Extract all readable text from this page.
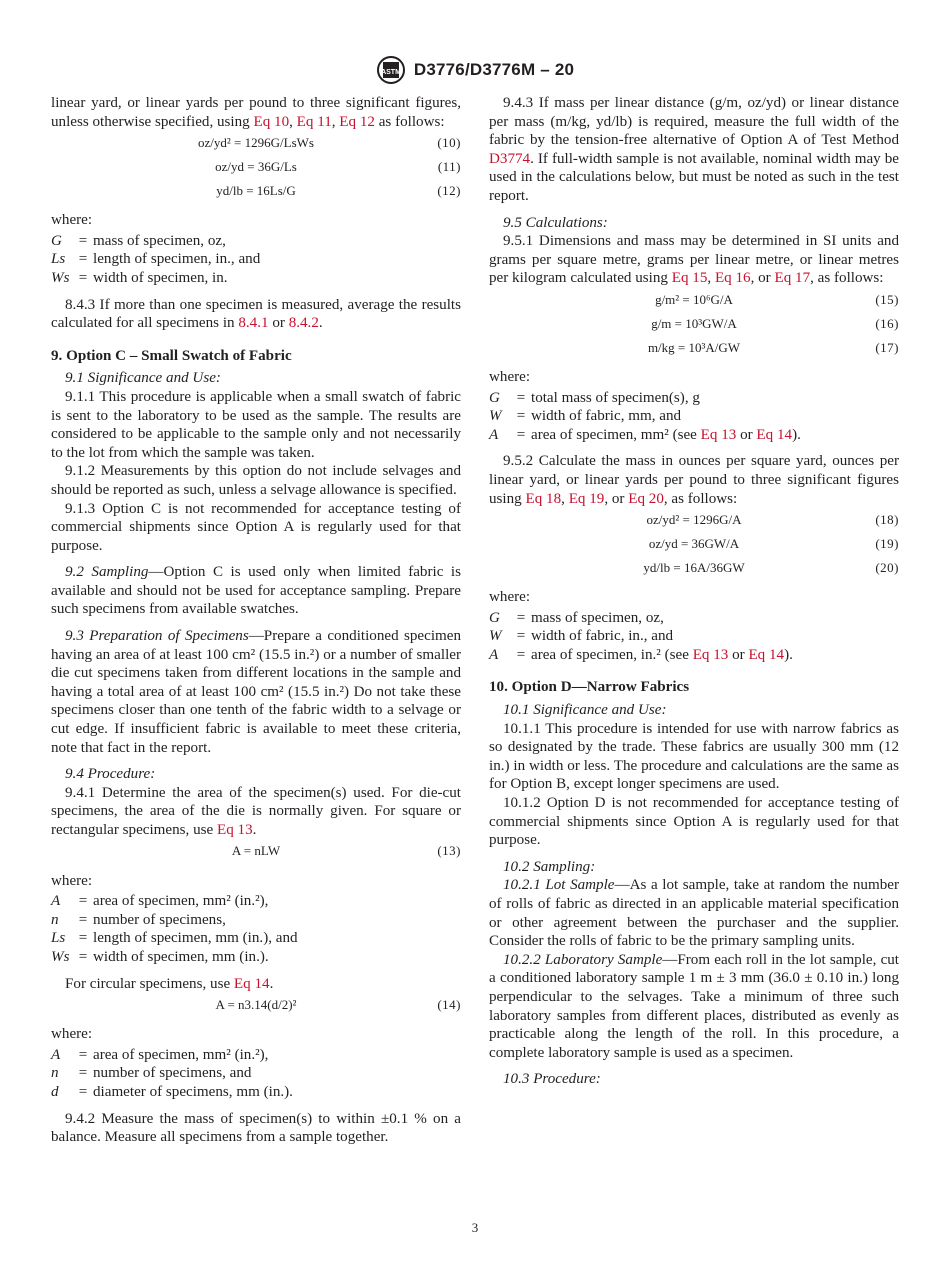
ASTM D3776/D3776M – 20

linear yard, or linear yards per pound to three significant figures, unless otherwise specified, using Eq 10, Eq 11, Eq 12 as follows:

oz/yd² = 1296G/LsWs	(10)
oz/yd = 36G/Ls	(11)
yd/lb = 16Ls/G	(12)
where:
G	= mass of specimen, oz,
Ls = length of specimen, in., and
Ws = width of specimen, in.

8.4.3 If more than one specimen is measured, average the results calculated for all specimens in 8.4.1 or 8.4.2.

9. Option C – Small Swatch of Fabric

9.1 Significance and Use:

9.1.1 This procedure is applicable when a small swatch of fabric is sent to the laboratory to be used as the sample. The results are considered to be applicable to the sample only and not necessarily to the lot from which the sample was taken.

9.1.2 Measurements by this option do not include selvages and should be reported as such, unless a selvage allowance is specified.

9.1.3 Option C is not recommended for acceptance testing of commercial shipments since Option A is regularly used for that purpose.

9.2 Sampling—Option C is used only when limited fabric is available and should not be used for acceptance sampling. Prepare such specimens from available swatches.

9.3 Preparation of Specimens—Prepare a conditioned specimen having an area of at least 100 cm² (15.5 in.²) or a number of smaller die cut specimens taken from different locations in the sample and having a total area of at least 100 cm² (15.5 in.²) Do not take these specimens closer than one tenth of the fabric width to a selvage or cut edge. If insufficient fabric is available to meet these criteria, note that fact in the report.

9.4 Procedure:

9.4.1 Determine the area of the specimen(s) used. For die-cut specimens, the area of the die is normally given. For square or rectangular specimens, use Eq 13.

A = nLW	(13)
where:
A	= area of specimen, mm² (in.²),
n	= number of specimens,
Ls = length of specimen, mm (in.), and
Ws = width of specimen, mm (in.).

For circular specimens, use Eq 14.

A = n3.14(d/2)²	(14)
where:
A	= area of specimen, mm² (in.²),
n	= number of specimens, and
d	= diameter of specimens, mm (in.).

9.4.2 Measure the mass of specimen(s) to within ±0.1 % on a balance. Measure all specimens from a sample together.

9.4.3 If mass per linear distance (g/m, oz/yd) or linear distance per mass (m/kg, yd/lb) is required, measure the full width of the fabric by the tension-free alternative of Option A of Test Method D3774. If full-width sample is not available, nominal width may be used in the calculations below, but must be noted as such in the test report.

9.5 Calculations:

9.5.1 Dimensions and mass may be determined in SI units and grams per square metre, grams per linear metre, or linear metres per kilogram calculated using Eq 15, Eq 16, or Eq 17, as follows:

g/m² = 10⁶G/A	(15)
g/m = 10³GW/A	(16)
m/kg = 10³A/GW	(17)
where:
G	= total mass of specimen(s), g
W	= width of fabric, mm, and
A	= area of specimen, mm² (see Eq 13 or Eq 14).

9.5.2 Calculate the mass in ounces per square yard, ounces per linear yard, or linear yards per pound to three significant figures using Eq 18, Eq 19, or Eq 20, as follows:

oz/yd² = 1296G/A	(18)
oz/yd = 36GW/A	(19)
yd/lb = 16A/36GW	(20)
where:
G	= mass of specimen, oz,
W	= width of fabric, in., and
A	= area of specimen, in.² (see Eq 13 or Eq 14).
10. Option D—Narrow Fabrics

10.1 Significance and Use:

10.1.1 This procedure is intended for use with narrow fabrics as so designated by the trade. These fabrics are usually 300 mm (12 in.) in width or less. The procedure and calculations are the same as for Option B, except longer specimens are used.

10.1.2 Option D is not recommended for acceptance testing of commercial shipments since Option A is regularly used for that purpose.

10.2 Sampling:

10.2.1 Lot Sample—As a lot sample, take at random the number of rolls of fabric as directed in an applicable material specification or other agreement between the purchaser and the supplier. Consider the rolls of fabric to be the primary sampling units.

10.2.2 Laboratory Sample—From each roll in the lot sample, cut a conditioned laboratory sample 1 m ± 3 mm (36.0 ± 0.10 in.) long perpendicular to the selvages. Take a minimum of three such laboratory samples from different places, distributed as evenly as practicable along the length of the roll. In this procedure, a complete laboratory sample is used as a specimen.

10.3 Procedure:

3
